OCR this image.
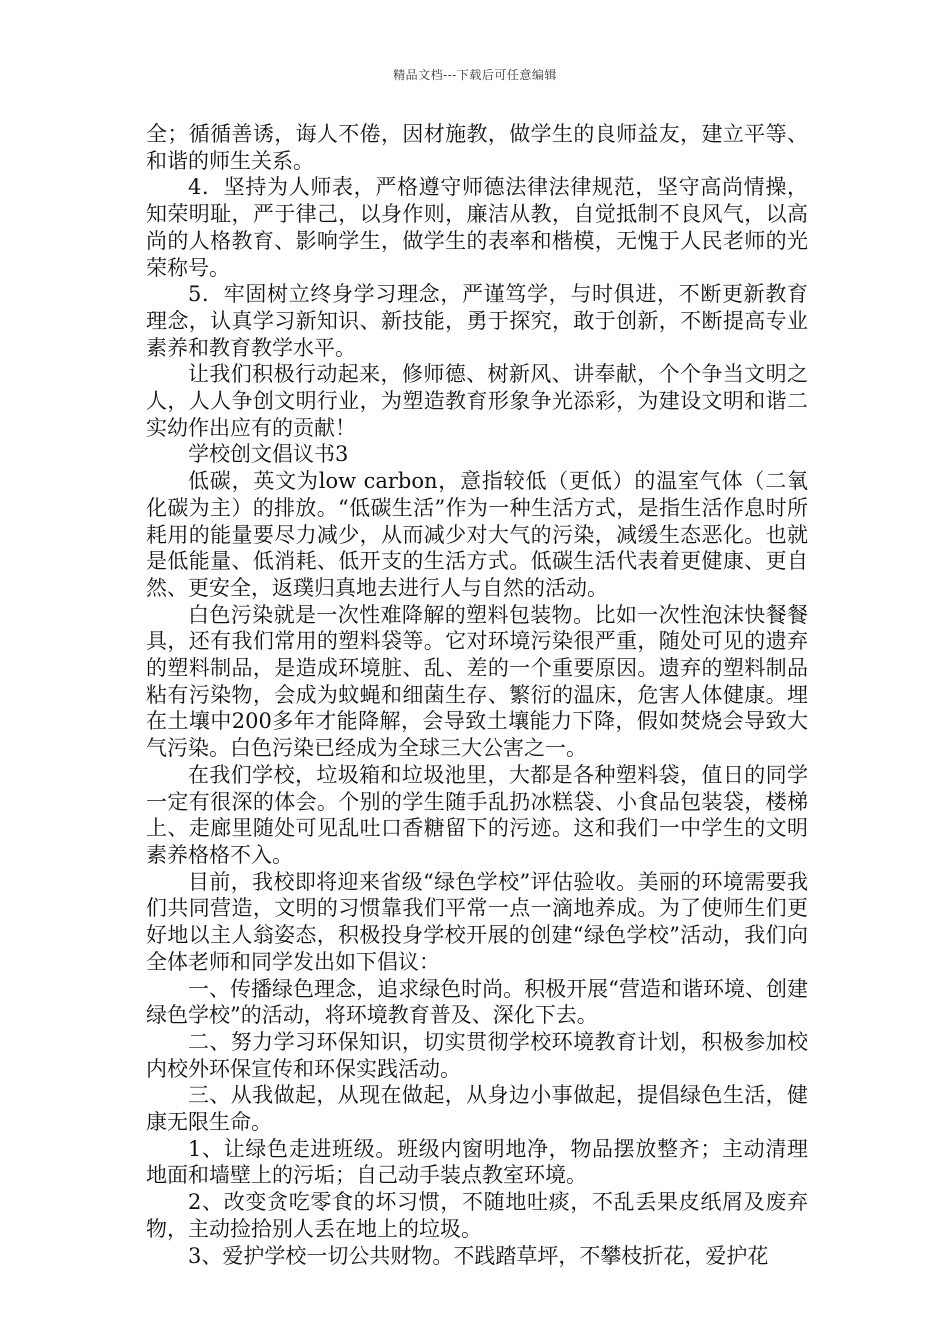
精品文档---下载后可任意编辑

全；循循善诱，诲人不倦，因材施教，做学生的良师益友，建立平等、和谐的师生关系。

4．坚持为人师表，严格遵守师德法律法律规范，坚守高尚情操，知荣明耻，严于律己，以身作则，廉洁从教，自觉抵制不良风气，以高尚的人格教育、影响学生，做学生的表率和楷模，无愧于人民老师的光荣称号。

5．牢固树立终身学习理念，严谨笃学，与时俱进，不断更新教育理念，认真学习新知识、新技能，勇于探究，敢于创新，不断提高专业素养和教育教学水平。

让我们积极行动起来，修师德、树新风、讲奉献，个个争当文明之人，人人争创文明行业，为塑造教育形象争光添彩，为建设文明和谐二实幼作出应有的贡献！

学校创文倡议书3

低碳，英文为low carbon，意指较低（更低）的温室气体（二氧化碳为主）的排放。“低碳生活”作为一种生活方式，是指生活作息时所耗用的能量要尽力减少，从而减少对大气的污染，减缓生态恶化。也就是低能量、低消耗、低开支的生活方式。低碳生活代表着更健康、更自然、更安全，返璞归真地去进行人与自然的活动。

白色污染就是一次性难降解的塑料包装物。比如一次性泡沫快餐餐具，还有我们常用的塑料袋等。它对环境污染很严重，随处可见的遗弃的塑料制品，是造成环境脏、乱、差的一个重要原因。遗弃的塑料制品粘有污染物，会成为蚊蝇和细菌生存、繁衍的温床，危害人体健康。埋在土壤中200多年才能降解，会导致土壤能力下降，假如焚烧会导致大气污染。白色污染已经成为全球三大公害之一。

在我们学校，垃圾箱和垃圾池里，大都是各种塑料袋，值日的同学一定有很深的体会。个别的学生随手乱扔冰糕袋、小食品包装袋，楼梯上、走廊里随处可见乱吐口香糖留下的污迹。这和我们一中学生的文明素养格格不入。

目前，我校即将迎来省级“绿色学校”评估验收。美丽的环境需要我们共同营造，文明的习惯靠我们平常一点一滴地养成。为了使师生们更好地以主人翁姿态，积极投身学校开展的创建“绿色学校”活动，我们向全体老师和同学发出如下倡议：

一、传播绿色理念，追求绿色时尚。积极开展“营造和谐环境、创建绿色学校”的活动，将环境教育普及、深化下去。

二、努力学习环保知识，切实贯彻学校环境教育计划，积极参加校内校外环保宣传和环保实践活动。

三、从我做起，从现在做起，从身边小事做起，提倡绿色生活，健康无限生命。

1、让绿色走进班级。班级内窗明地净，物品摆放整齐；主动清理地面和墙壁上的污垢；自己动手装点教室环境。

2、改变贪吃零食的坏习惯，不随地吐痰，不乱丢果皮纸屑及废弃物，主动捡拾别人丢在地上的垃圾。

3、爱护学校一切公共财物。不践踏草坪，不攀枝折花，爱护花
